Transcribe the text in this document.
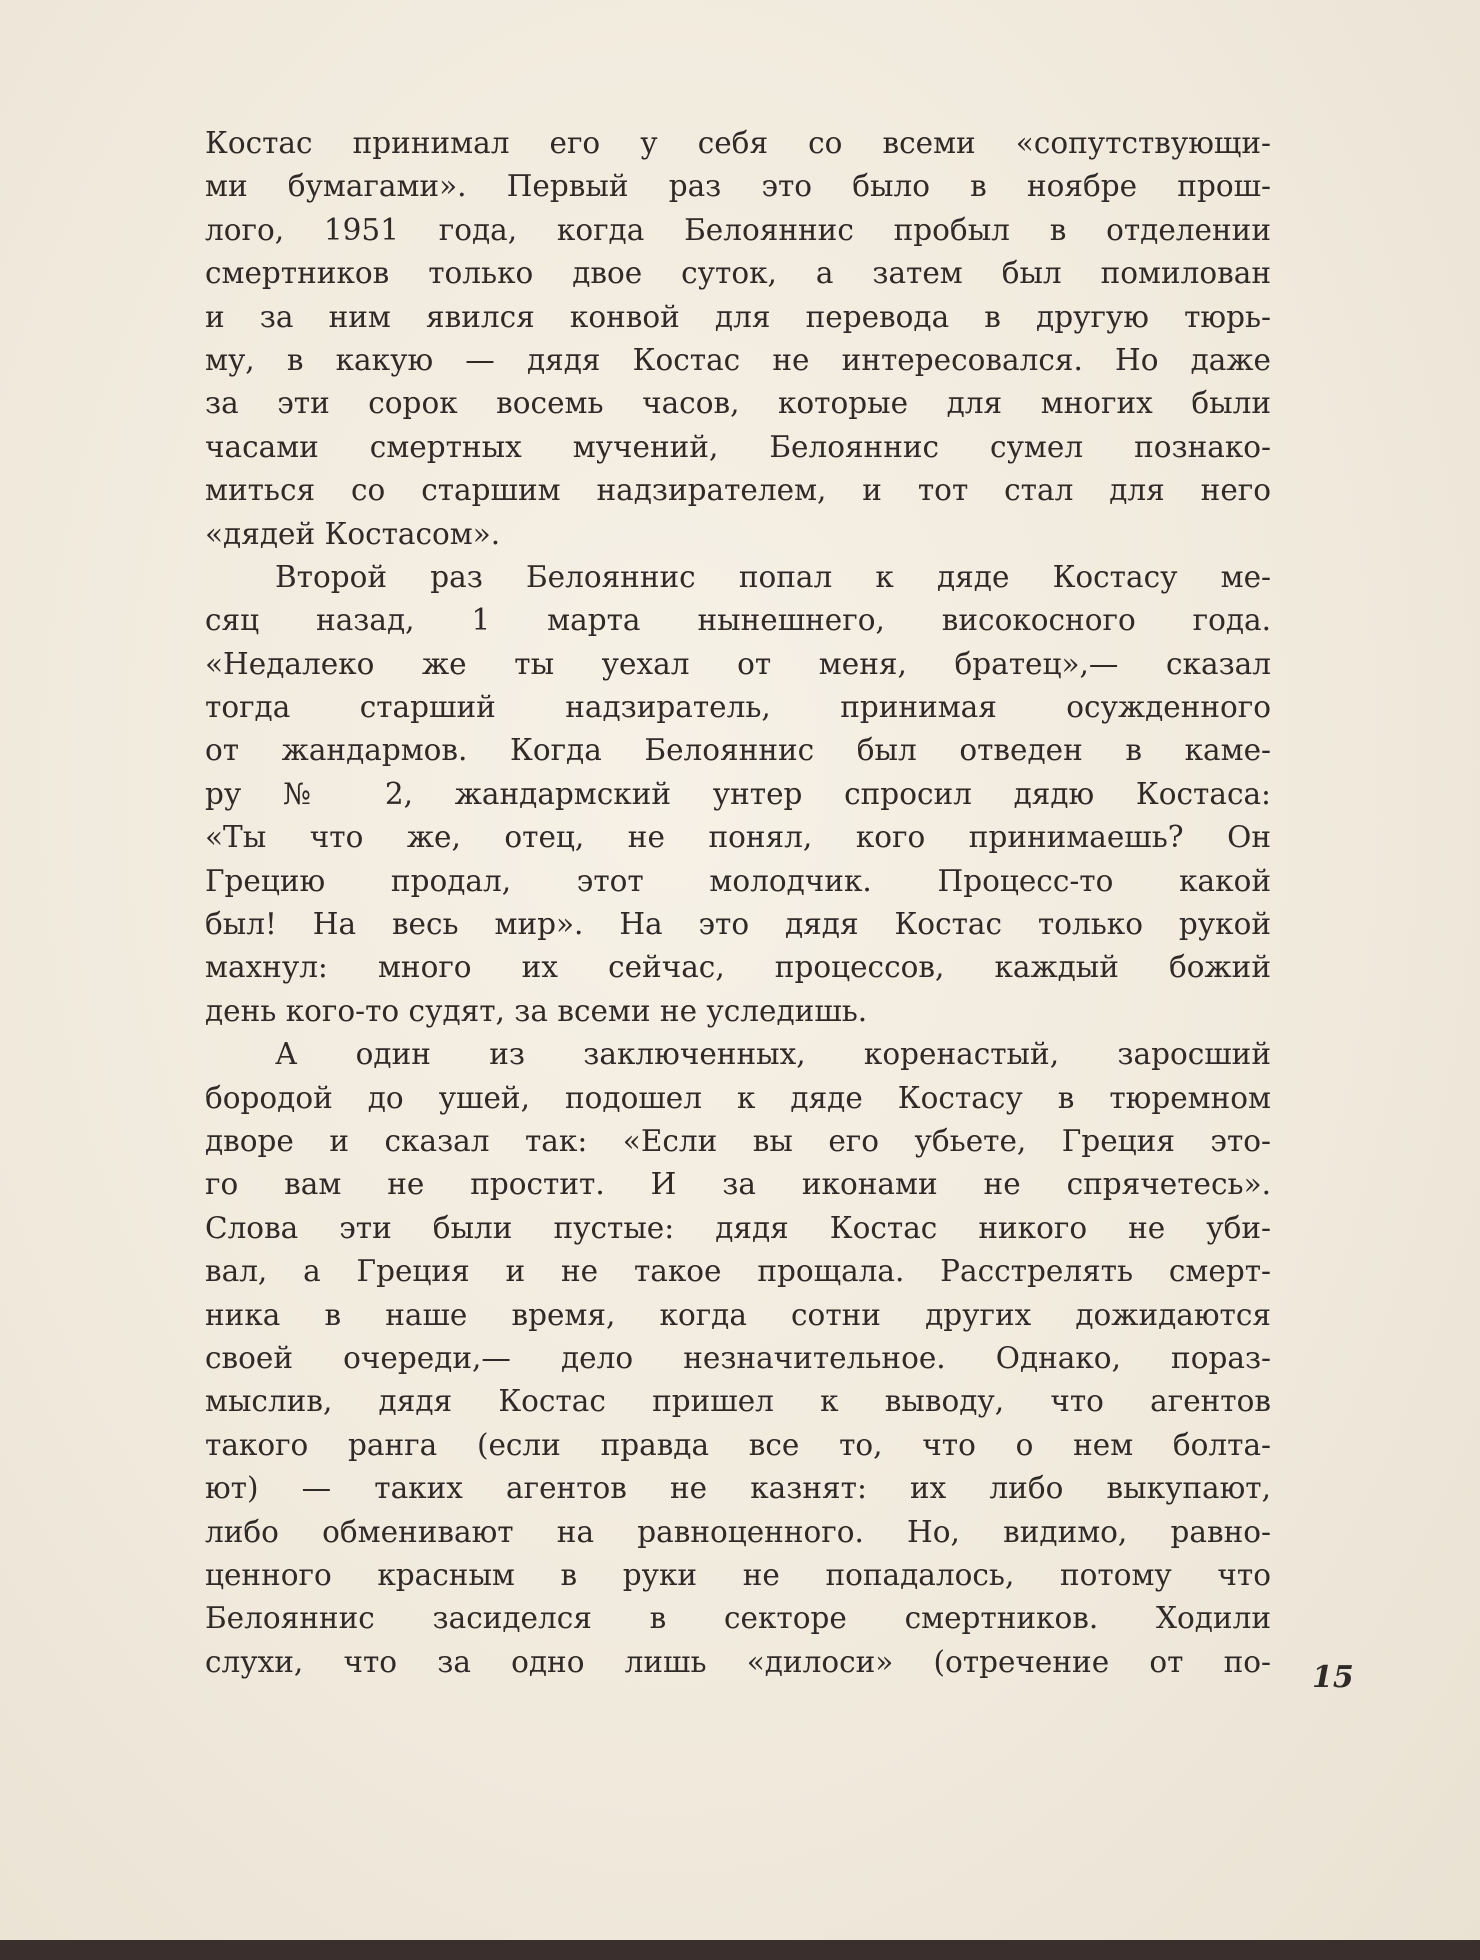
Костас принимал его у себя со всеми «сопутствующи-
ми бумагами». Первый раз это было в ноябре прош-
лого, 1951 года, когда Белояннис пробыл в отделении
смертников только двое суток, а затем был помилован
и за ним явился конвой для перевода в другую тюрь-
му, в какую — дядя Костас не интересовался. Но даже
за эти сорок восемь часов, которые для многих были
часами смертных мучений, Белояннис сумел познако-
миться со старшим надзирателем, и тот стал для него
«дядей Костасом».
Второй раз Белояннис попал к дяде Костасу ме-
сяц назад, 1 марта нынешнего, високосного года.
«Недалеко же ты уехал от меня, братец»,— сказал
тогда старший надзиратель, принимая осужденного
от жандармов. Когда Белояннис был отведен в каме-
ру № 2, жандармский унтер спросил дядю Костаса:
«Ты что же, отец, не понял, кого принимаешь? Он
Грецию продал, этот молодчик. Процесс-то какой
был! На весь мир». На это дядя Костас только рукой
махнул: много их сейчас, процессов, каждый божий
день кого-то судят, за всеми не уследишь.
А один из заключенных, коренастый, заросший
бородой до ушей, подошел к дяде Костасу в тюремном
дворе и сказал так: «Если вы его убьете, Греция это-
го вам не простит. И за иконами не спрячетесь».
Слова эти были пустые: дядя Костас никого не уби-
вал, а Греция и не такое прощала. Расстрелять смерт-
ника в наше время, когда сотни других дожидаются
своей очереди,— дело незначительное. Однако, пораз-
мыслив, дядя Костас пришел к выводу, что агентов
такого ранга (если правда все то, что о нем болта-
ют) — таких агентов не казнят: их либо выкупают,
либо обменивают на равноценного. Но, видимо, равно-
ценного красным в руки не попадалось, потому что
Белояннис засиделся в секторе смертников. Ходили
слухи, что за одно лишь «дилоси» (отречение от по- 15
